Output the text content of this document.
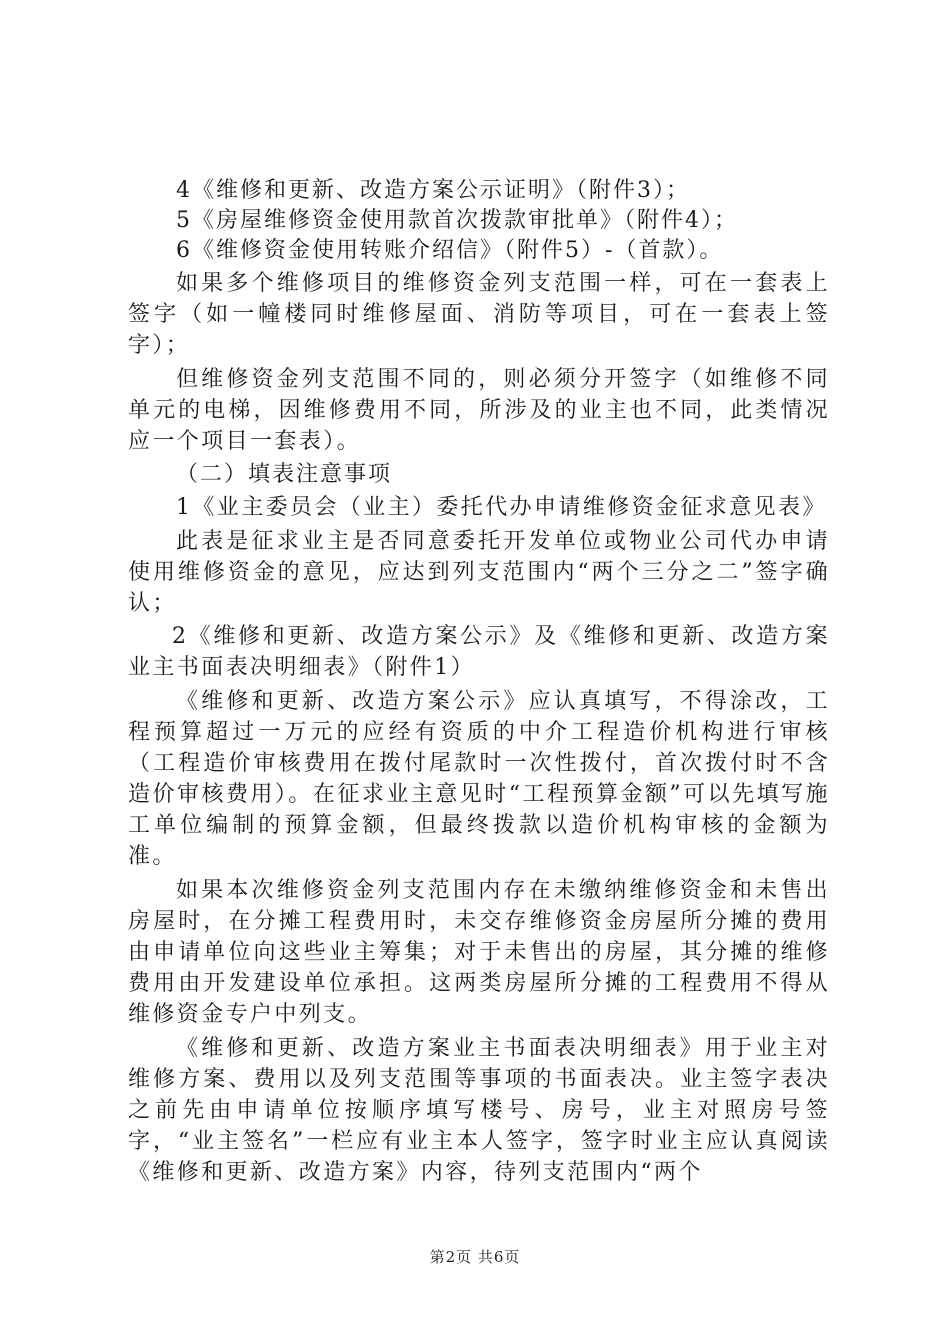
4《维修和更新、改造方案公示证明》（附件3）；
5《房屋维修资金使用款首次拨款审批单》（附件4）；
6《维修资金使用转账介绍信》（附件5）-（首款）。

如果多个维修项目的维修资金列支范围一样，可在一套表上签字（如一幢楼同时维修屋面、消防等项目，可在一套表上签字）；

但维修资金列支范围不同的，则必须分开签字（如维修不同单元的电梯，因维修费用不同，所涉及的业主也不同，此类情况应一个项目一套表）。

（二）填表注意事项

1《业主委员会（业主）委托代办申请维修资金征求意见表》

此表是征求业主是否同意委托开发单位或物业公司代办申请使用维修资金的意见，应达到列支范围内“两个三分之二”签字确认；

2《维修和更新、改造方案公示》及《维修和更新、改造方案业主书面表决明细表》（附件1）

《维修和更新、改造方案公示》应认真填写，不得涂改，工程预算超过一万元的应经有资质的中介工程造价机构进行审核（工程造价审核费用在拨付尾款时一次性拨付，首次拨付时不含造价审核费用）。在征求业主意见时“工程预算金额”可以先填写施工单位编制的预算金额，但最终拨款以造价机构审核的金额为准。

如果本次维修资金列支范围内存在未缴纳维修资金和未售出房屋时，在分摊工程费用时，未交存维修资金房屋所分摊的费用由申请单位向这些业主筹集；对于未售出的房屋，其分摊的维修费用由开发建设单位承担。这两类房屋所分摊的工程费用不得从维修资金专户中列支。

《维修和更新、改造方案业主书面表决明细表》用于业主对维修方案、费用以及列支范围等事项的书面表决。业主签字表决之前先由申请单位按顺序填写楼号、房号，业主对照房号签字，“业主签名”一栏应有业主本人签字，签字时业主应认真阅读《维修和更新、改造方案》内容，待列支范围内“两个

第2页 共6页
